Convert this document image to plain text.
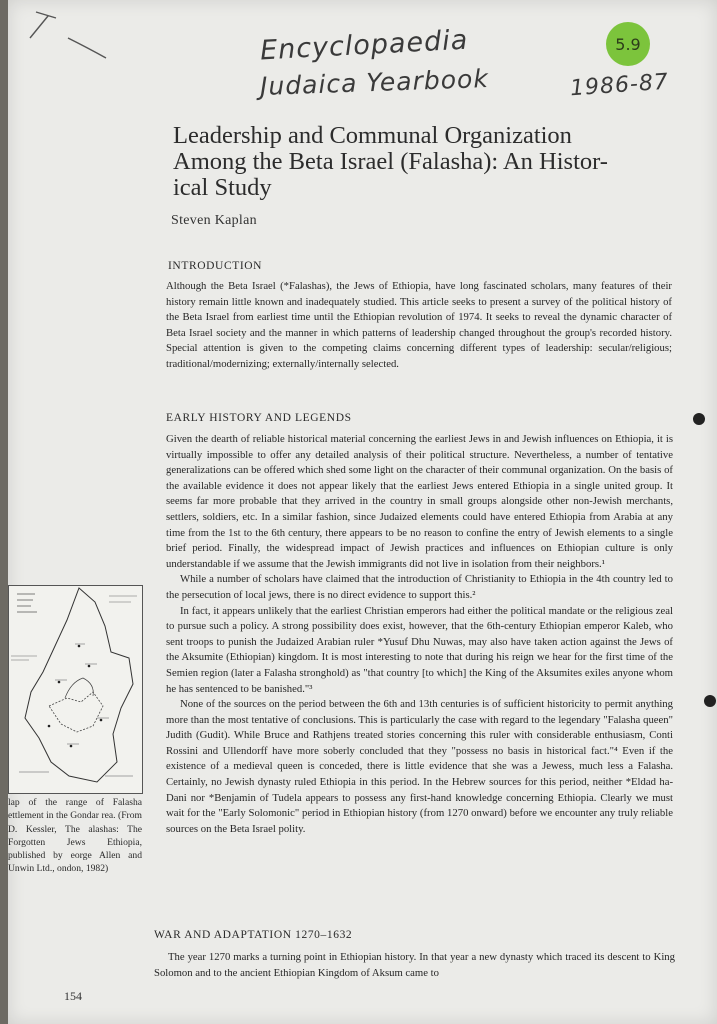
Encyclopaedia
Judaica Yearbook	1986-87
5.9
Leadership and Communal Organization Among the Beta Israel (Falasha): An Histor-ical Study
Steven Kaplan
INTRODUCTION

Although the Beta Israel (*Falashas), the Jews of Ethiopia, have long fascinated scholars, many features of their history remain little known and inadequately studied. This article seeks to present a survey of the political history of the Beta Israel from earliest time until the Ethiopian revolution of 1974. It seeks to reveal the dynamic character of Beta Israel society and the manner in which patterns of leadership changed throughout the group's recorded history. Special attention is given to the competing claims concerning different types of leadership: secular/religious; traditional/modernizing; externally/internally selected.

EARLY HISTORY AND LEGENDS

Given the dearth of reliable historical material concerning the earliest Jews in and Jewish influences on Ethiopia, it is virtually impossible to offer any detailed analysis of their political structure. Nevertheless, a number of tentative generalizations can be offered which shed some light on the character of their communal organization. On the basis of the available evidence it does not appear likely that the earliest Jews entered Ethiopia in a single united group. It seems far more probable that they arrived in the country in small groups alongside other non-Jewish merchants, settlers, soldiers, etc. In a similar fashion, since Judaized elements could have entered Ethiopia from Arabia at any time from the 1st to the 6th century, there appears to be no reason to confine the entry of Jewish elements to a single brief period. Finally, the widespread impact of Jewish practices and influences on Ethiopian culture is only understandable if we assume that the Jewish immigrants did not live in isolation from their neighbors.¹

While a number of scholars have claimed that the introduction of Christianity to Ethiopia in the 4th country led to the persecution of local jews, there is no direct evidence to support this.²

In fact, it appears unlikely that the earliest Christian emperors had either the political mandate or the religious zeal to pursue such a policy. A strong possibility does exist, however, that the 6th-century Ethiopian emperor Kaleb, who sent troops to punish the Judaized Arabian ruler *Yusuf Dhu Nuwas, may also have taken action against the Jews of the Aksumite (Ethiopian) kingdom. It is most interesting to note that during his reign we hear for the first time of the Semien region (later a Falasha stronghold) as "that country [to which] the King of the Aksumites exiles anyone whom he has sentenced to be banished."³

None of the sources on the period between the 6th and 13th centuries is of sufficient historicity to permit anything more than the most tentative of conclusions. This is particularly the case with regard to the legendary "Falasha queen" Judith (Gudit). While Bruce and Rathjens treated stories concerning this ruler with considerable enthusiasm, Conti Rossini and Ullendorff have more soberly concluded that they "possess no basis in historical fact."⁴ Even if the existence of a medieval queen is conceded, there is little evidence that she was a Jewess, much less a Falasha. Certainly, no Jewish dynasty ruled Ethiopia in this period. In the Hebrew sources for this period, neither *Eldad ha-Dani nor *Benjamin of Tudela appears to possess any first-hand knowledge concerning Ethiopia. Clearly we must wait for the "Early Solomonic" period in Ethiopian history (from 1270 onward) before we encounter any truly reliable sources on the Beta Israel polity.

WAR AND ADAPTATION 1270–1632

The year 1270 marks a turning point in Ethiopian history. In that year a new dynasty which traced its descent to King Solomon and to the ancient Ethiopian Kingdom of Aksum came to

lap of the range of Falasha ettlement in the Gondar rea. (From D. Kessler, The alashas: The Forgotten Jews Ethiopia, published by eorge Allen and Unwin Ltd., ondon, 1982)
154
